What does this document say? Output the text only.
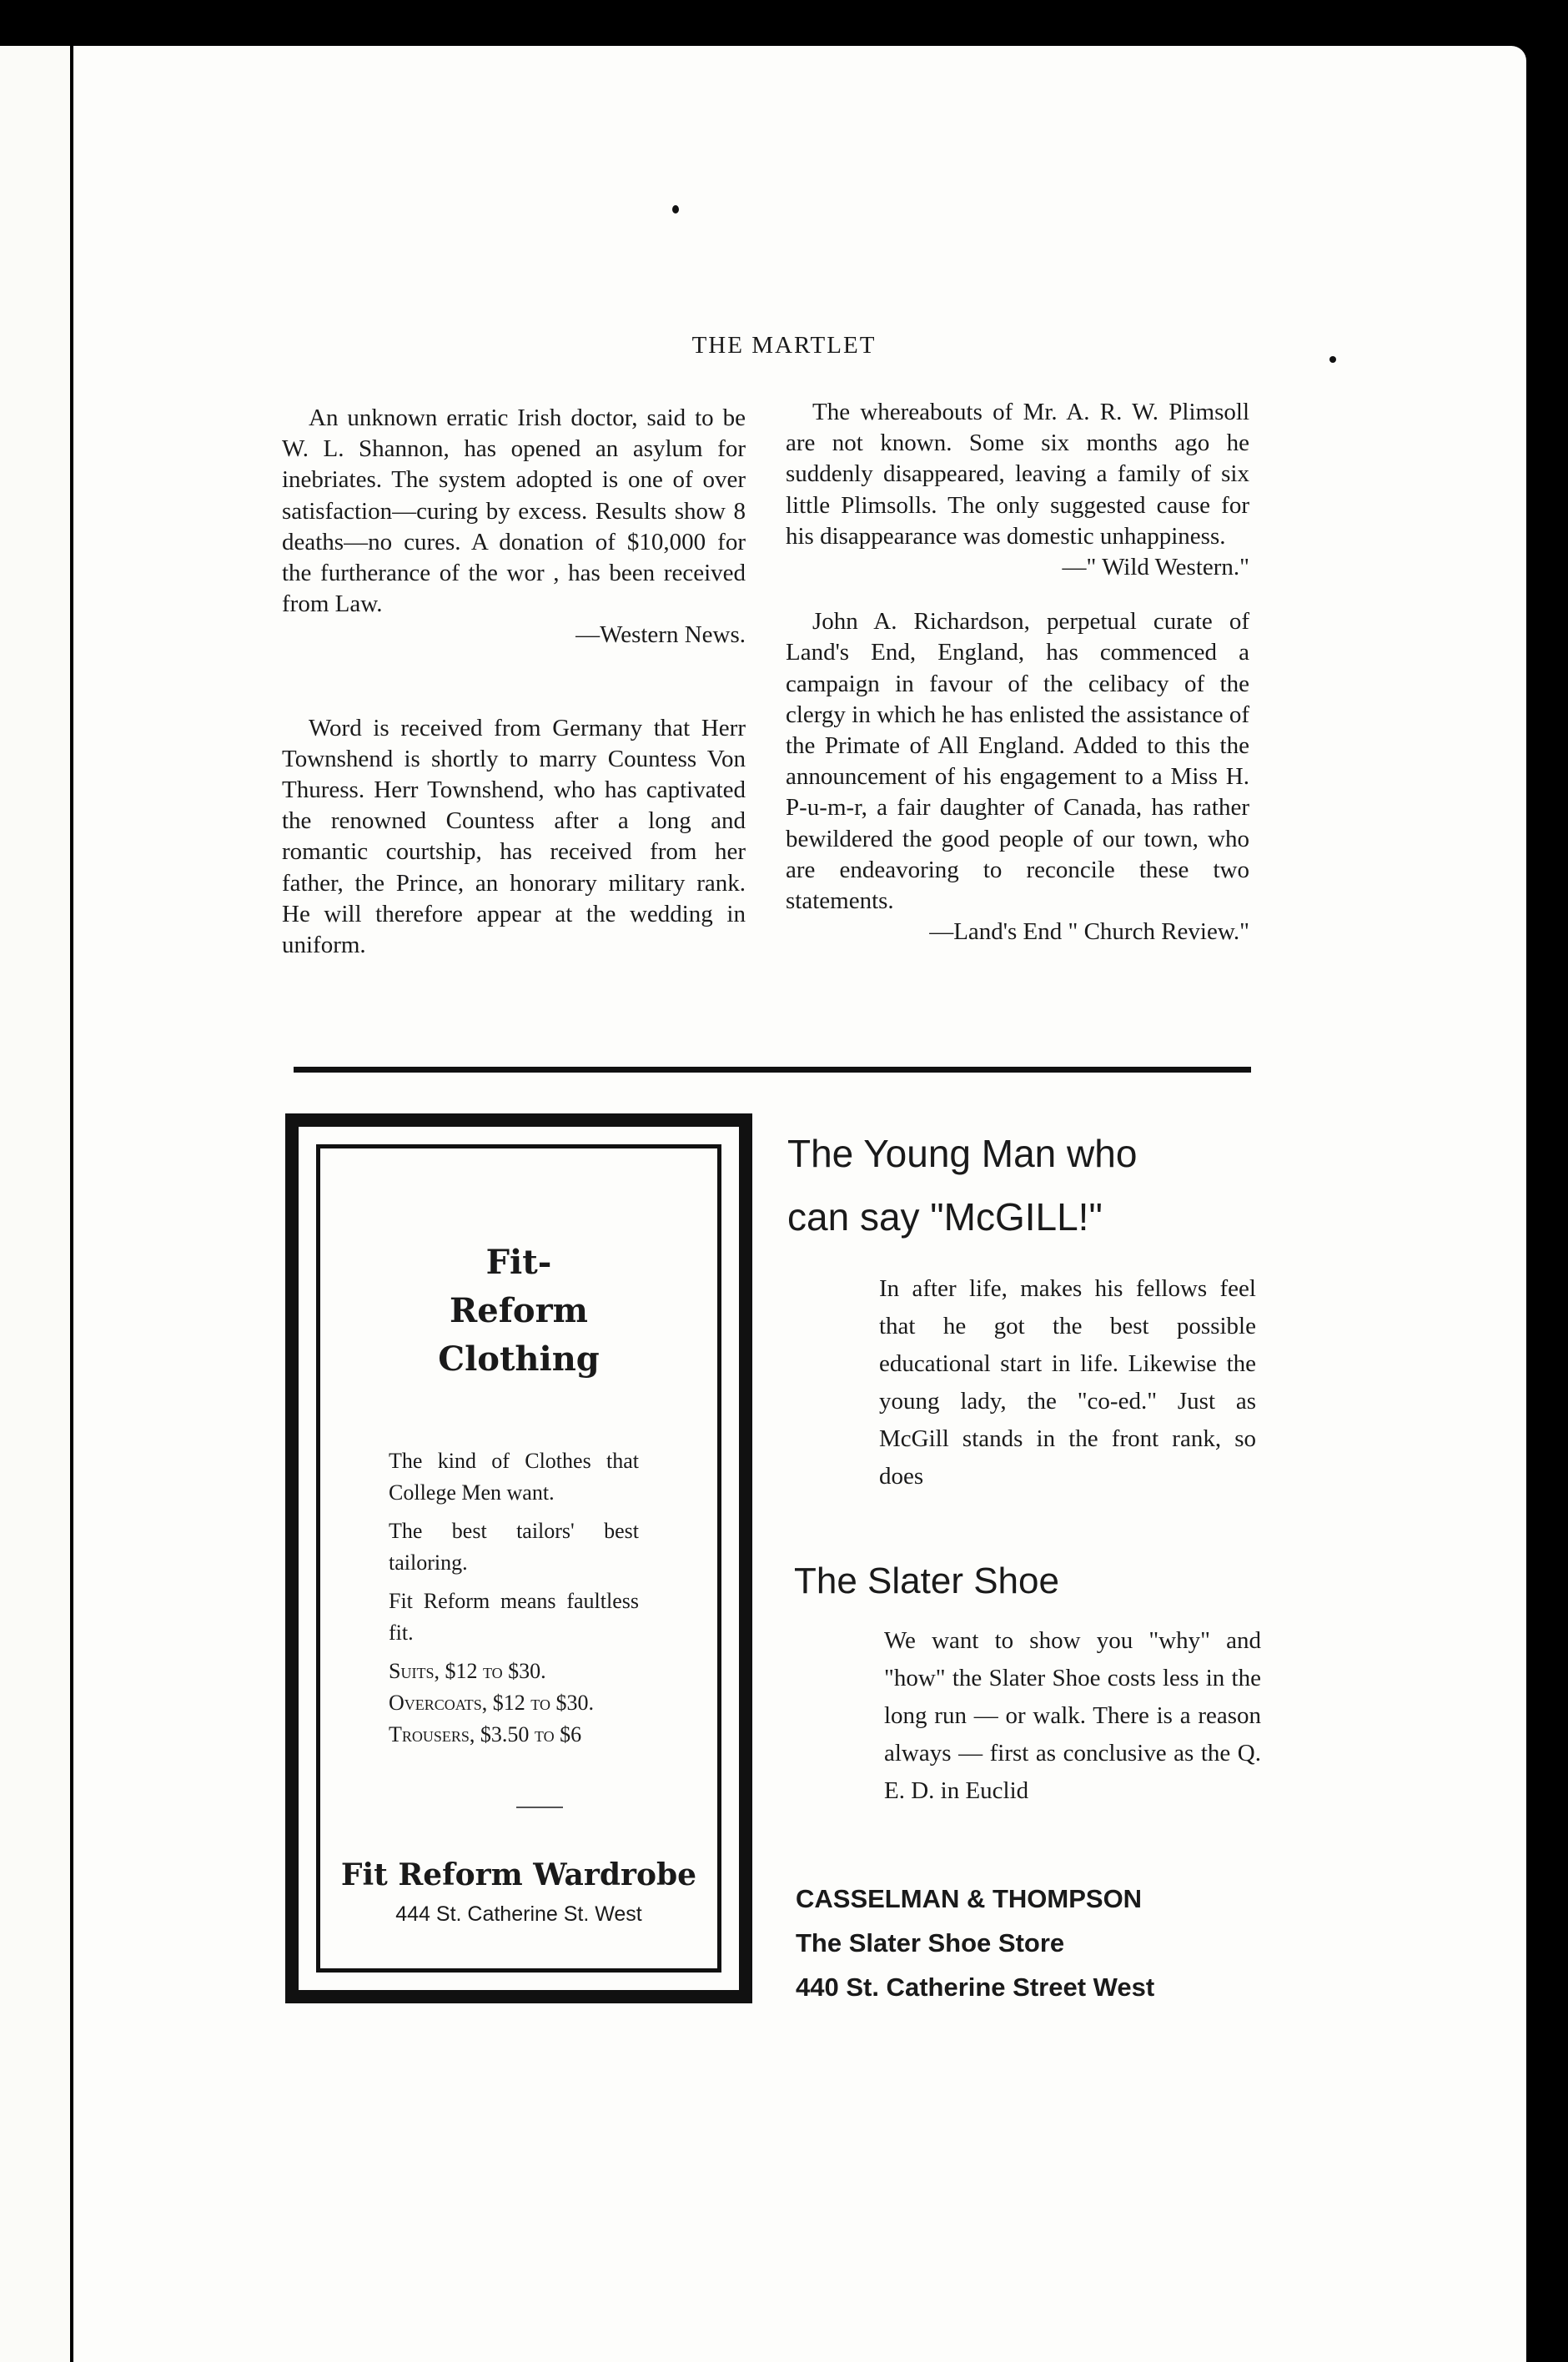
THE MARTLET

An unknown erratic Irish doctor, said to be W. L. Shannon, has opened an asylum for inebriates. The system adopted is one of over satisfaction—curing by excess. Results show 8 deaths—no cures. A donation of $10,000 for the furtherance of the wor , has been received from Law.

—Western News.

Word is received from Germany that Herr Townshend is shortly to marry Countess Von Thuress. Herr Townshend, who has captivated the renowned Countess after a long and romantic courtship, has received from her father, the Prince, an honorary military rank. He will therefore appear at the wedding in uniform.

The whereabouts of Mr. A. R. W. Plimsoll are not known. Some six months ago he suddenly disappeared, leaving a family of six little Plimsolls. The only suggested cause for his disappearance was domestic unhappiness.

—" Wild Western."

John A. Richardson, perpetual curate of Land's End, England, has commenced a campaign in favour of the celibacy of the clergy in which he has enlisted the assistance of the Primate of All England. Added to this the announcement of his engagement to a Miss H. P-u-m-r, a fair daughter of Canada, has rather bewildered the good people of our town, who are endeavoring to reconcile these two statements.

—Land's End " Church Review."

Fit-
Reform
Clothing

The kind of Clothes that College Men want.

The best tailors' best tailoring.

Fit Reform means faultless fit.

Suits, $12 to $30.

Overcoats, $12 to $30.

Trousers, $3.50 to $6

Fit Reform Wardrobe
444 St. Catherine St. West

The Young Man who

can say "McGILL!"

In after life, makes his fellows feel that he got the best possible educational start in life. Likewise the young lady, the "co-ed." Just as McGill stands in the front rank, so does

The Slater Shoe

We want to show you "why" and "how" the Slater Shoe costs less in the long run — or walk. There is a reason always — first as conclusive as the Q. E. D. in Euclid

CASSELMAN & THOMPSON
The Slater Shoe Store
440 St. Catherine Street West
